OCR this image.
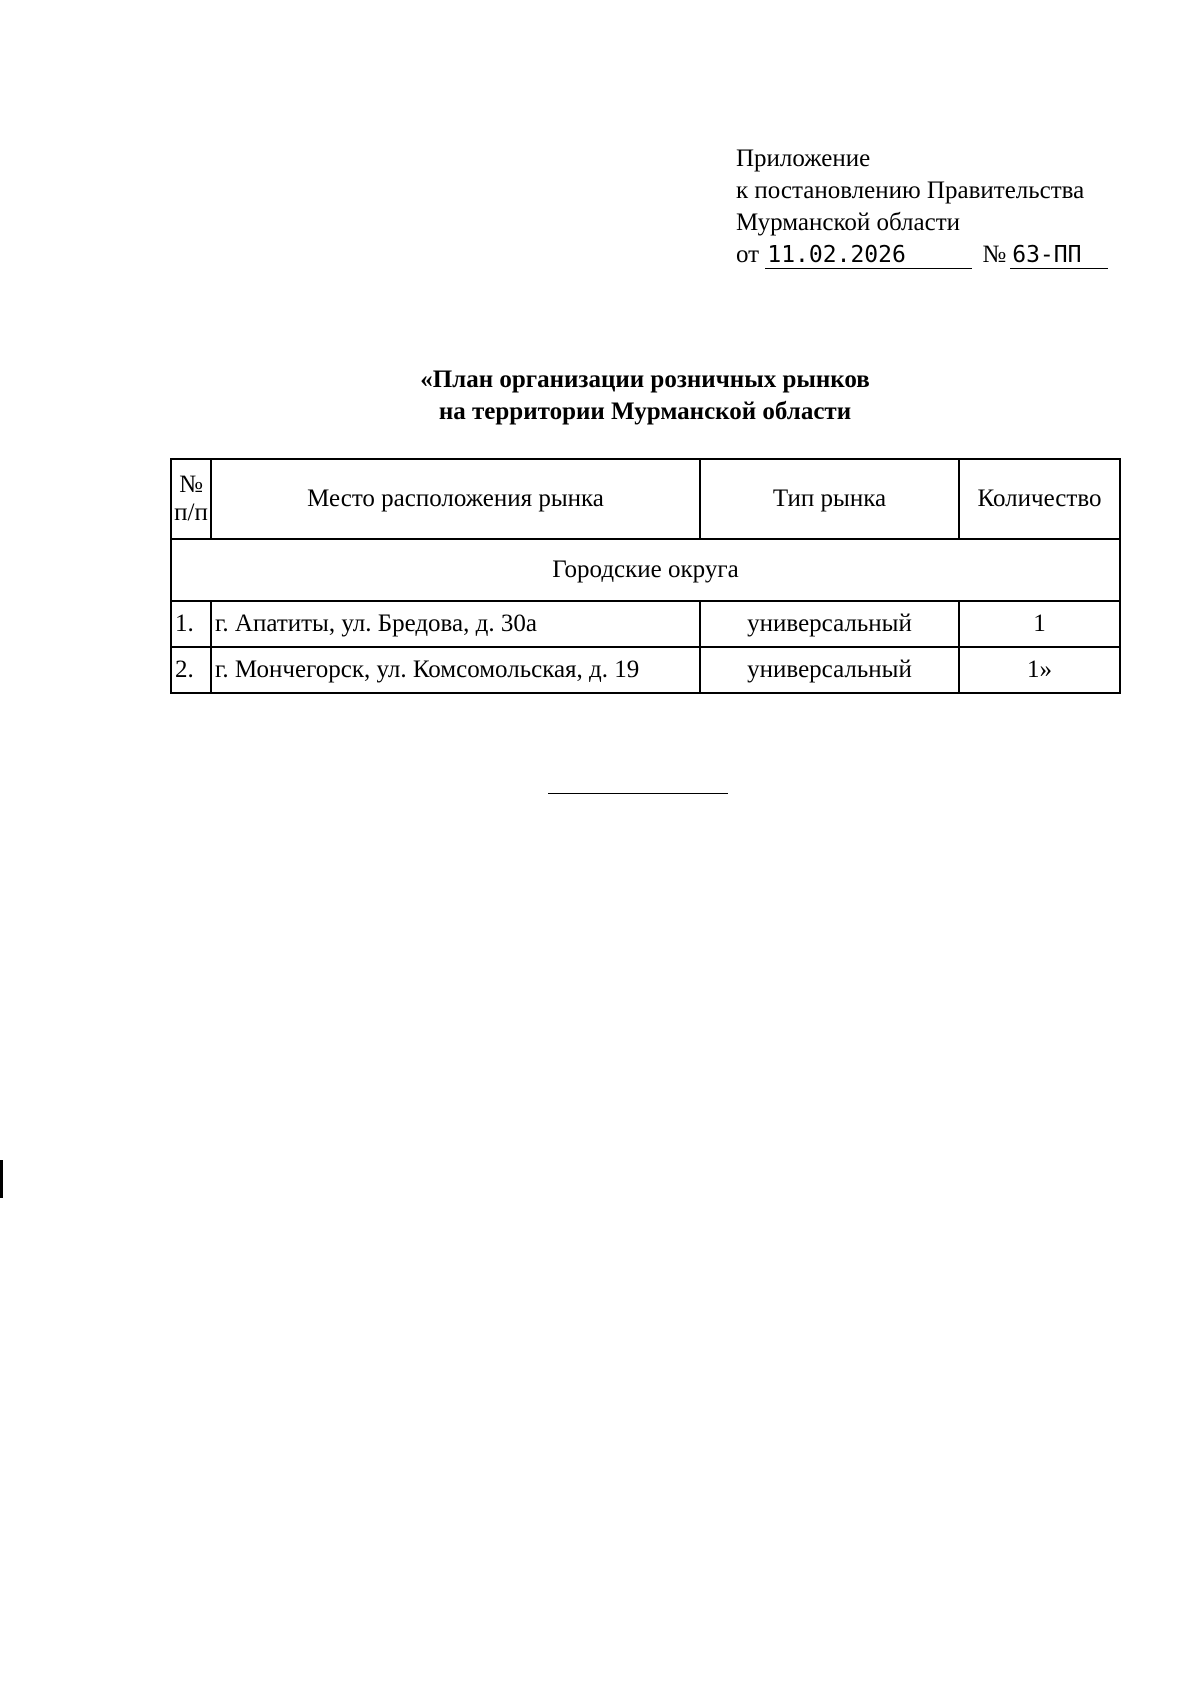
Приложение
к постановлению Правительства
Мурманской области
от 11.02.2026	№ 63-ПП
«План организации розничных рынков
на территории Мурманской области
№
п/п	Место расположения рынка	Тип рынка	Количество
Городские округа			
1.	г. Апатиты, ул. Бредова, д. 30а	универсальный	1
2.	г. Мончегорск, ул. Комсомольская, д. 19	универсальный	1»
